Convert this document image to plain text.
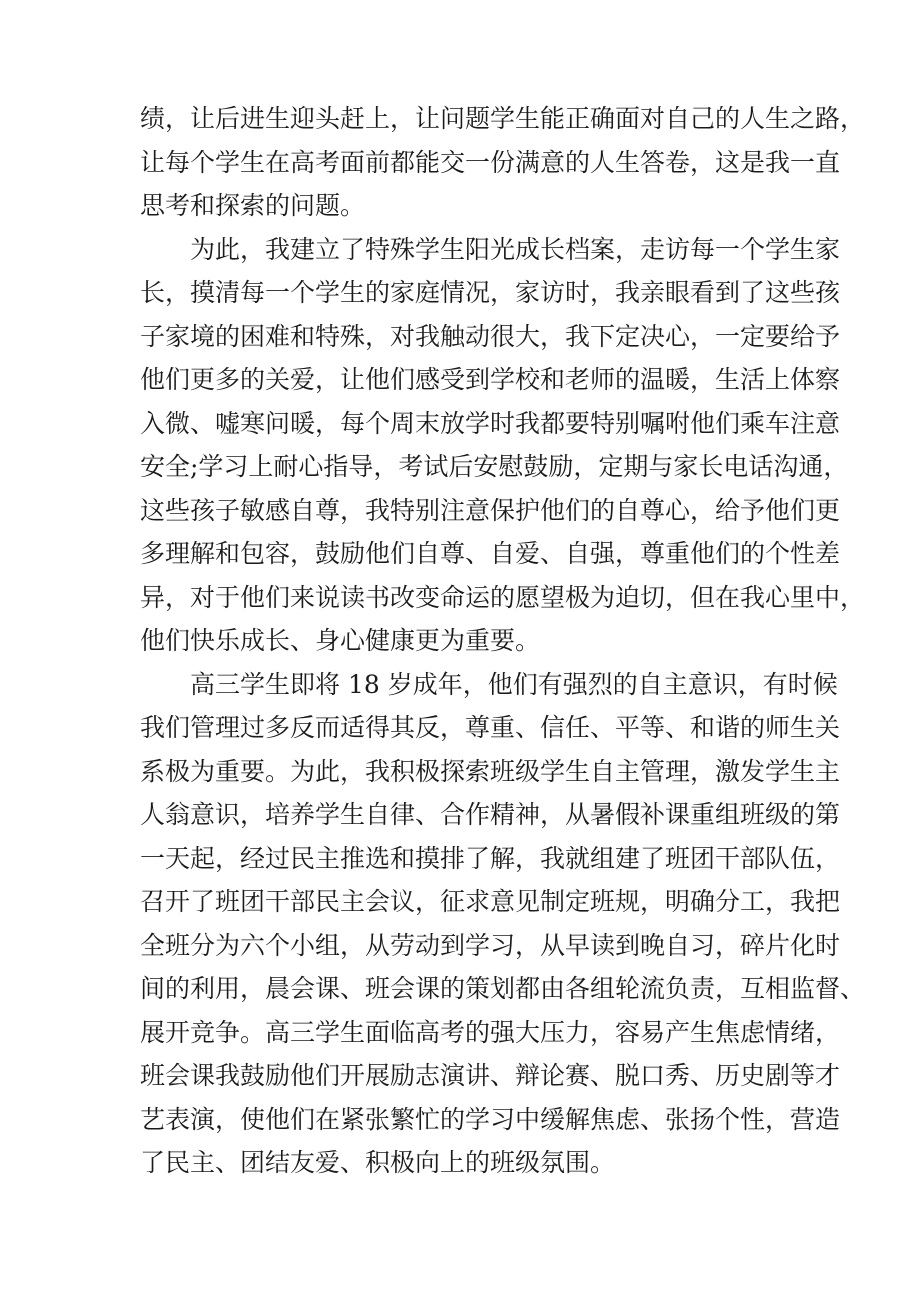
绩，让后进生迎头赶上，让问题学生能正确面对自己的人生之路，
让每个学生在高考面前都能交一份满意的人生答卷，这是我一直
思考和探索的问题。
为此，我建立了特殊学生阳光成长档案，走访每一个学生家
长，摸清每一个学生的家庭情况，家访时，我亲眼看到了这些孩
子家境的困难和特殊，对我触动很大，我下定决心，一定要给予
他们更多的关爱，让他们感受到学校和老师的温暖，生活上体察
入微、嘘寒问暖，每个周末放学时我都要特别嘱咐他们乘车注意
安全;学习上耐心指导，考试后安慰鼓励，定期与家长电话沟通，
这些孩子敏感自尊，我特别注意保护他们的自尊心，给予他们更
多理解和包容，鼓励他们自尊、自爱、自强，尊重他们的个性差
异，对于他们来说读书改变命运的愿望极为迫切，但在我心里中，
他们快乐成长、身心健康更为重要。
高三学生即将 18 岁成年，他们有强烈的自主意识，有时候
我们管理过多反而适得其反，尊重、信任、平等、和谐的师生关
系极为重要。为此，我积极探索班级学生自主管理，激发学生主
人翁意识，培养学生自律、合作精神，从暑假补课重组班级的第
一天起，经过民主推选和摸排了解，我就组建了班团干部队伍，
召开了班团干部民主会议，征求意见制定班规，明确分工，我把
全班分为六个小组，从劳动到学习，从早读到晚自习，碎片化时
间的利用，晨会课、班会课的策划都由各组轮流负责，互相监督、
展开竞争。高三学生面临高考的强大压力，容易产生焦虑情绪，
班会课我鼓励他们开展励志演讲、辩论赛、脱口秀、历史剧等才
艺表演，使他们在紧张繁忙的学习中缓解焦虑、张扬个性，营造
了民主、团结友爱、积极向上的班级氛围。
